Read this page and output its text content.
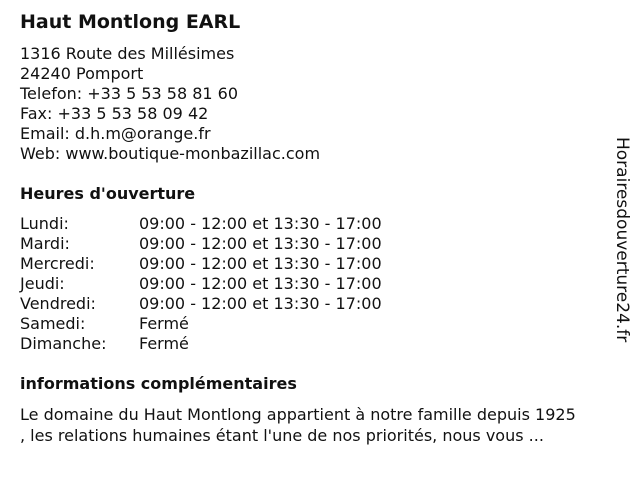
Haut Montlong EARL
1316 Route des Millésimes
24240 Pomport
Telefon: +33 5 53 58 81 60
Fax: +33 5 53 58 09 42
Email: d.h.m@orange.fr
Web: www.boutique-monbazillac.com
Heures d'ouverture
Lundi:	09:00 - 12:00 et 13:30 - 17:00
Mardi:	09:00 - 12:00 et 13:30 - 17:00
Mercredi:	09:00 - 12:00 et 13:30 - 17:00
Jeudi:	09:00 - 12:00 et 13:30 - 17:00
Vendredi:	09:00 - 12:00 et 13:30 - 17:00
Samedi:	Fermé
Dimanche: Fermé
informations complémentaires
Le domaine du Haut Montlong appartient à notre famille depuis 1925
, les relations humaines étant l'une de nos priorités, nous vous ...
Horairesdouverture24.fr
